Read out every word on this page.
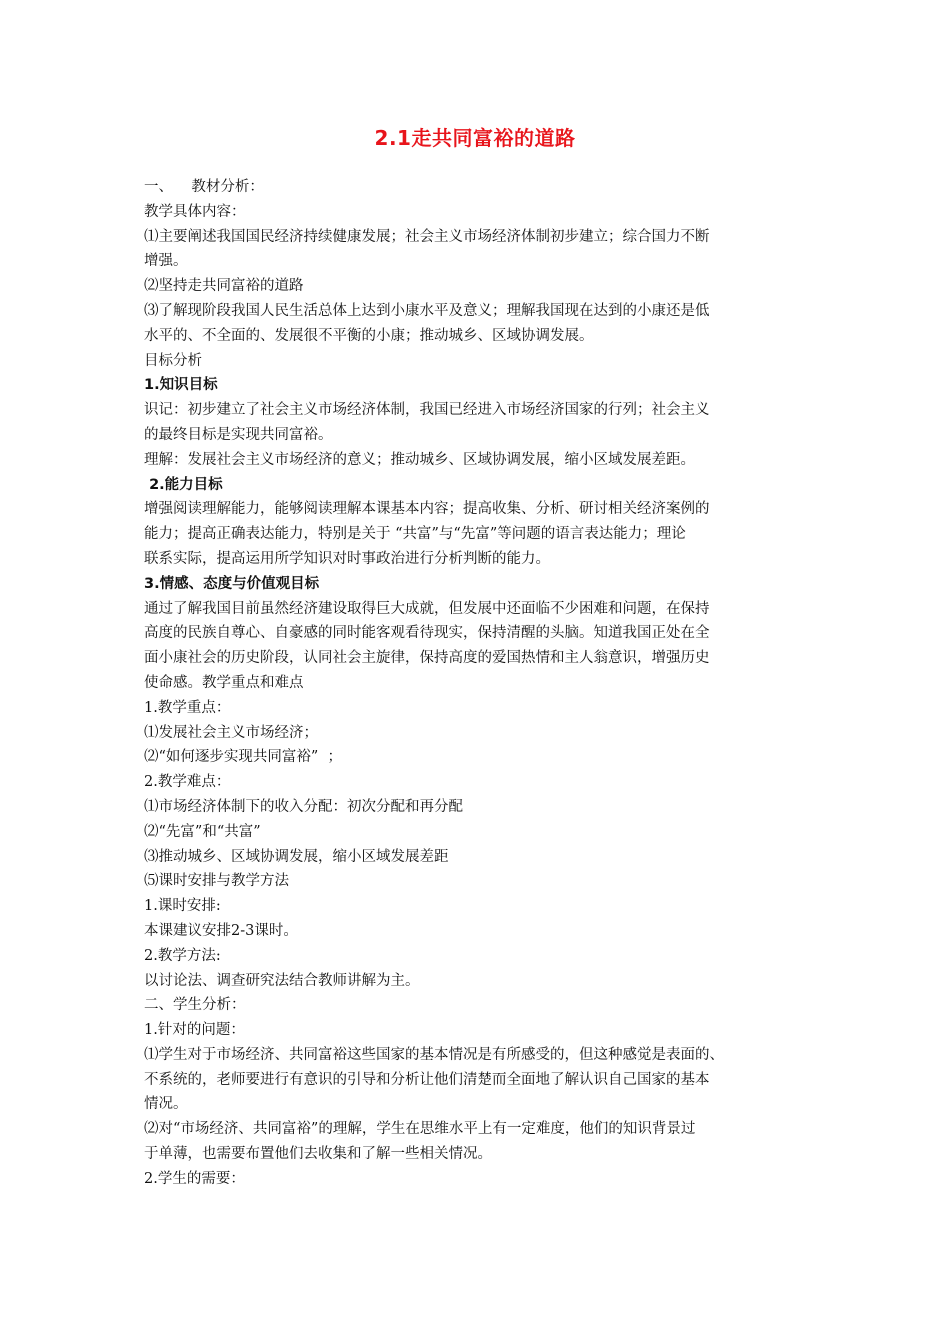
2.1走共同富裕的道路

一、    教材分析：

教学具体内容：

⑴主要阐述我国国民经济持续健康发展；社会主义市场经济体制初步建立；综合国力不断

增强。

⑵坚持走共同富裕的道路

⑶了解现阶段我国人民生活总体上达到小康水平及意义；理解我国现在达到的小康还是低

水平的、不全面的、发展很不平衡的小康；推动城乡、区域协调发展。

目标分析

1.知识目标

识记：初步建立了社会主义市场经济体制，我国已经进入市场经济国家的行列；社会主义

的最终目标是实现共同富裕。

理解：发展社会主义市场经济的意义；推动城乡、区域协调发展，缩小区域发展差距。

2.能力目标

增强阅读理解能力，能够阅读理解本课基本内容；提高收集、分析、研讨相关经济案例的

能力；提高正确表达能力，特别是关于 “共富”与“先富”等问题的语言表达能力；理论

联系实际，提高运用所学知识对时事政治进行分析判断的能力。

3.情感、态度与价值观目标

通过了解我国目前虽然经济建设取得巨大成就，但发展中还面临不少困难和问题，在保持

高度的民族自尊心、自豪感的同时能客观看待现实，保持清醒的头脑。知道我国正处在全

面小康社会的历史阶段，认同社会主旋律，保持高度的爱国热情和主人翁意识，增强历史

使命感。教学重点和难点

1.教学重点：

⑴发展社会主义市场经济；

⑵“如何逐步实现共同富裕”  ；

2.教学难点：

⑴市场经济体制下的收入分配：初次分配和再分配

⑵“先富”和“共富”

⑶推动城乡、区域协调发展，缩小区域发展差距

⑸课时安排与教学方法

1.课时安排:

本课建议安排2-3课时。

2.教学方法:

以讨论法、调查研究法结合教师讲解为主。

二、学生分析：

1.针对的问题：

⑴学生对于市场经济、共同富裕这些国家的基本情况是有所感受的，但这种感觉是表面的、

不系统的，老师要进行有意识的引导和分析让他们清楚而全面地了解认识自己国家的基本

情况。

⑵对“市场经济、共同富裕”的理解，学生在思维水平上有一定难度，他们的知识背景过

于单薄，也需要布置他们去收集和了解一些相关情况。

2.学生的需要：
